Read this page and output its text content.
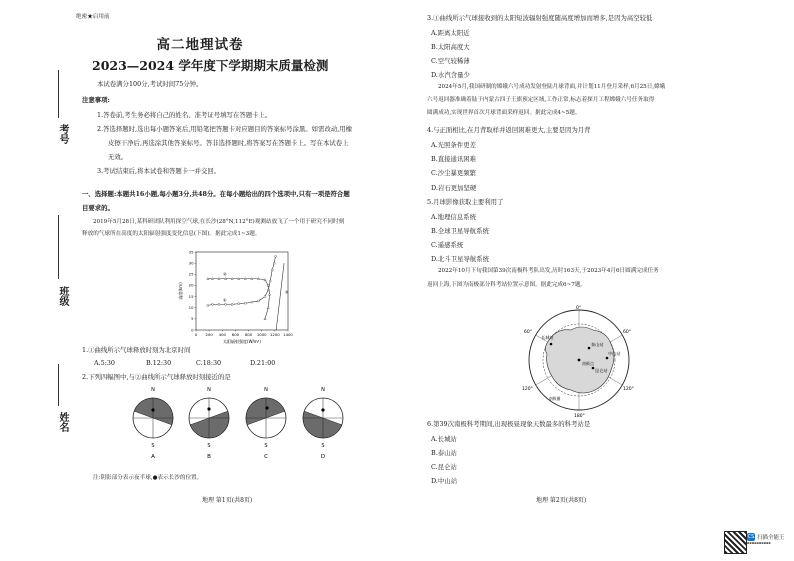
绝密★启用前
高二地理试卷
2023—2024 学年度下学期期末质量检测
本试卷满分100分,考试时间75分钟。
注意事项:
1.答卷前,考生务必将自己的姓名、准考证号填写在答题卡上。
2.答选择题时,选出每小题答案后,用铅笔把答题卡对应题目的答案标号涂黑。如需改动,用橡
皮擦干净后,再选涂其他答案标号。答非选择题时,将答案写在答题卡上。写在本试卷上
无效。
3.考试结束后,将本试卷和答题卡一并交回。
一、选择题:本题共16小题,每小题3分,共48分。在每小题给出的四个选项中,只有一项是符合题
目要求的。
2019年5月28日,某科研团队利用探空气球,在长沙(28°N,112°E)观测站放飞了一个用于研究不同时刻
释放的气球所在高度的太阳辐射强度变化信息(下图)。据此完成1~3题。
考号
班级
姓名
0 200 400 600 800 1000 1200 1400
0
5
10
15
20
25
30
35
太阳辐射强度(W/m²)
高度(km)
①
②
③
1.①曲线所示气球释放时刻为北京时间
A.5:30	B.12:30	C.18:30	D.21:00
2.下列四幅图中,与②曲线所示气球释放时刻接近的是
N
S
A
N
S
B
N
S
C
N
S
D
注:阴影部分表示夜半球,●表示长沙的位置。
地理 第1页(共8页)
3.①曲线所示气球接收到的太阳短波辐射强度随高度增加而增多,是因为高空较低
A.距离太阳近
B.太阳高度大
C.空气较稀薄
D.水汽含量少
2024年5月,我国研制的嫦娥六号成功发射登陆月球背面,并计划11月登月采样,6月25日,嫦娥
六号返回器准确着陆于内蒙古四子王旗预定区域,工作正常,标志着探月工程嫦娥六号任务取得
圆满成功,实现世界首次月球背面采样返回。据此完成4~5题。
4.与正面相比,在月背取样并返回困难更大,主要是因为月背
A.光照条件更差
B.直接通讯困难
C.沙尘暴更频繁
D.岩石更加坚硬
5.月球影像获取主要利用了
A.地理信息系统
B.全球卫星导航系统
C.遥感系统
D.北斗卫星导航系统
2022年10月下旬我国第39次南极科考队出发,历时163天,于2023年4月6日圆满完成任务
返回上海,下图为南极部分科考站位置示意图。据此完成6~7题。
南极点
长城站
泰山站
昆仑站
中山站
0°
60°
120°
180°
120°
60°
南极圈
6.第39次南极科考期间,出现极昼现象天数最多的科考站是
A.长城站
B.泰山站
C.昆仑站
D.中山站
地理 第2页(共8页)
CS 扫描全能王
▪▪▪▪▪▪▪▪▪▪
